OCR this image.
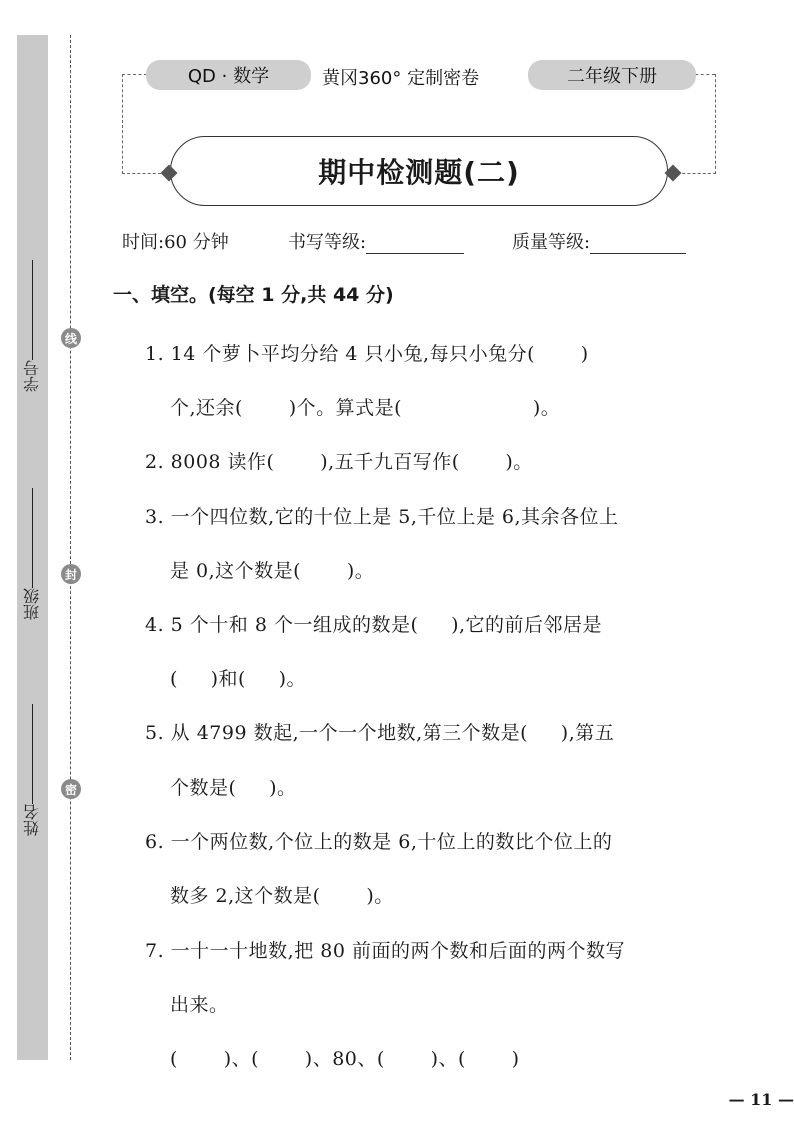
线
封
密
学号
班级
姓名
QD · 数学	黄冈360° 定制密卷	二年级下册
期中检测题(二)
时间:60 分钟	书写等级:	质量等级:
一、填空。(每空 1 分,共 44 分)
1. 14 个萝卜平均分给 4 只小兔,每只小兔分(       )
个,还余(       )个。算式是(                    )。
2. 8008 读作(       ),五千九百写作(       )。
3. 一个四位数,它的十位上是 5,千位上是 6,其余各位上
是 0,这个数是(       )。
4. 5 个十和 8 个一组成的数是(     ),它的前后邻居是
(     )和(     )。
5. 从 4799 数起,一个一个地数,第三个数是(     ),第五
个数是(     )。
6. 一个两位数,个位上的数是 6,十位上的数比个位上的
数多 2,这个数是(       )。
7. 一十一十地数,把 80 前面的两个数和后面的两个数写
出来。
(       )、(       )、80、(       )、(       )
— 11 —
